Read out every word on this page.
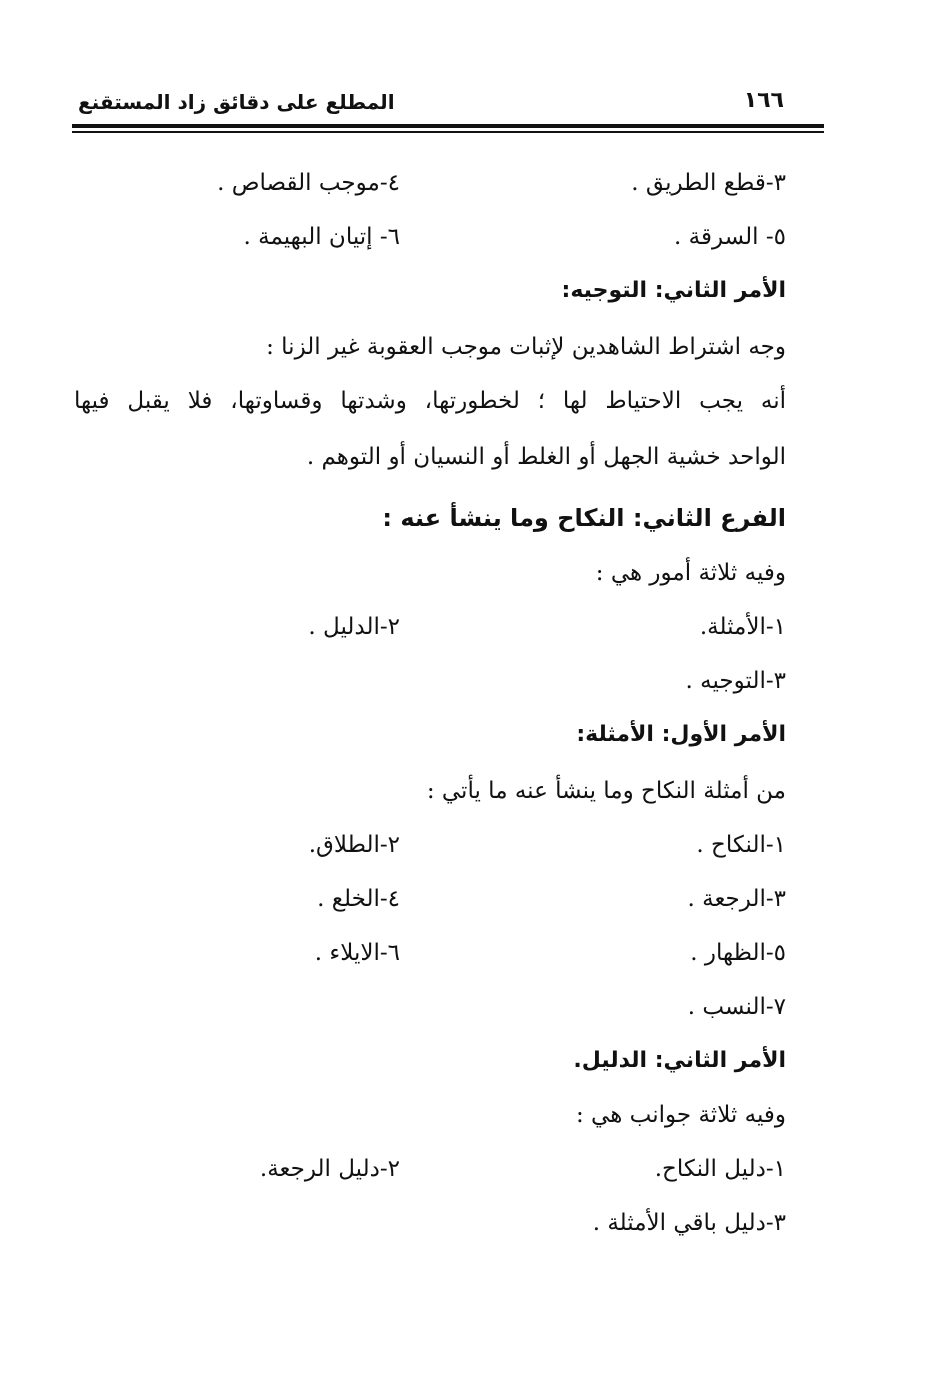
١٦٦
المطلع على دقائق زاد المستقنع
٣-قطع الطريق .
٤-موجب القصاص .
٥- السرقة .
٦- إتيان البهيمة .
الأمر الثاني: التوجيه:
وجه اشتراط الشاهدين لإثبات موجب العقوبة غير الزنا :
أنه يجب الاحتياط لها ؛ لخطورتها، وشدتها وقساوتها، فلا يقبل فيها
الواحد خشية الجهل أو الغلط أو النسيان أو التوهم .
الفرع الثاني: النكاح وما ينشأ عنه :
وفيه ثلاثة أمور هي :
١-الأمثلة.
٢-الدليل .
٣-التوجيه .
الأمر الأول: الأمثلة:
من أمثلة النكاح وما ينشأ عنه ما يأتي :
١-النكاح .
٢-الطلاق.
٣-الرجعة .
٤-الخلع .
٥-الظهار .
٦-الايلاء .
٧-النسب .
الأمر الثاني: الدليل.
وفيه ثلاثة جوانب هي :
١-دليل النكاح.
٢-دليل الرجعة.
٣-دليل باقي الأمثلة .
